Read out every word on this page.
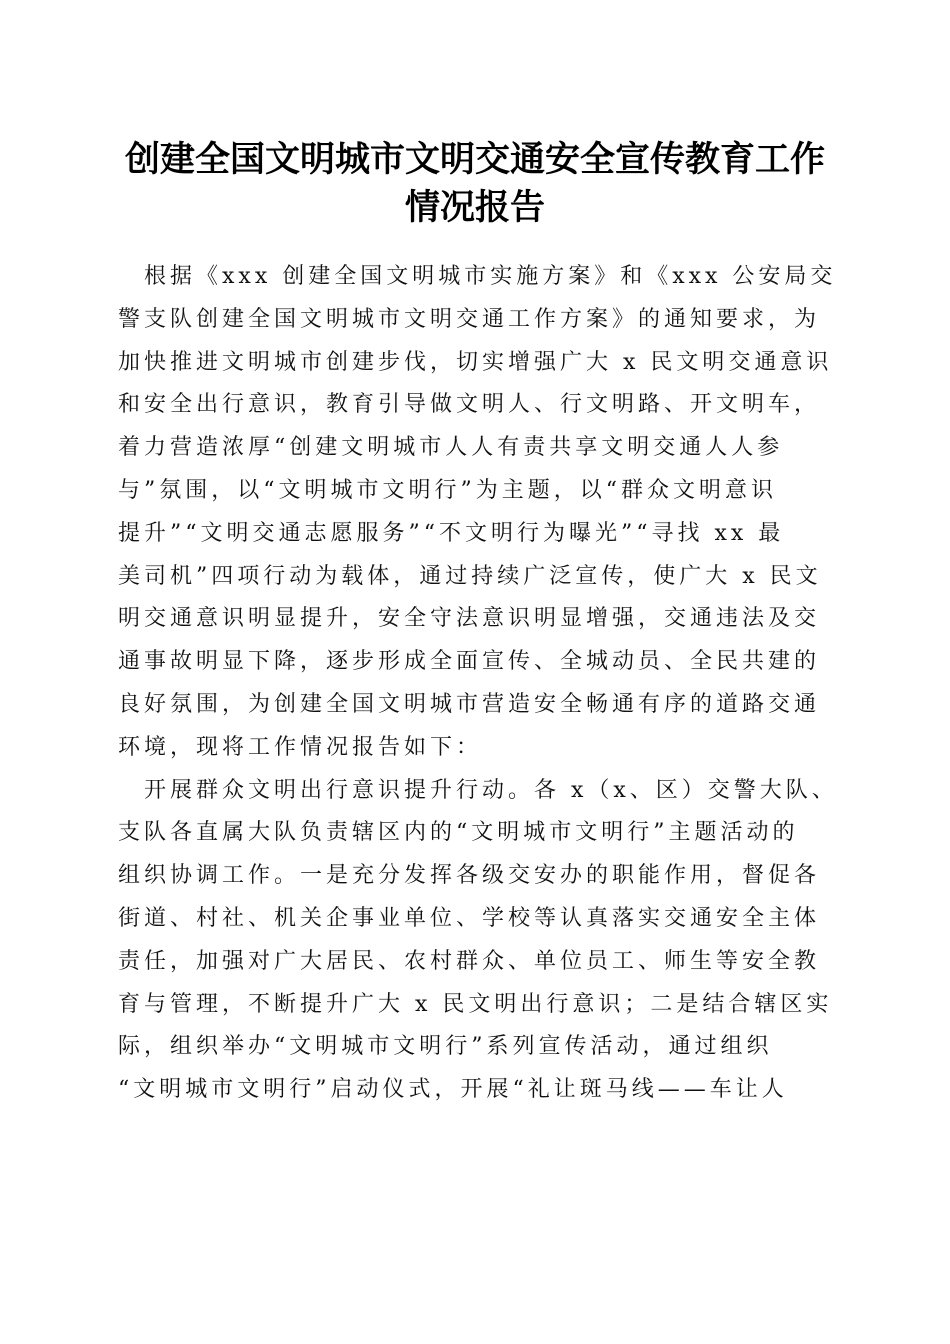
创建全国文明城市文明交通安全宣传教育工作
情况报告

　根据《xxx 创建全国文明城市实施方案》和《xxx 公安局交
警支队创建全国文明城市文明交通工作方案》的通知要求，为
加快推进文明城市创建步伐，切实增强广大 x 民文明交通意识
和安全出行意识，教育引导做文明人、行文明路、开文明车，
着力营造浓厚“创建文明城市人人有责共享文明交通人人参
与”氛围，以“文明城市文明行”为主题，以“群众文明意识
提升”“文明交通志愿服务”“不文明行为曝光”“寻找 xx 最
美司机”四项行动为载体，通过持续广泛宣传，使广大 x 民文
明交通意识明显提升，安全守法意识明显增强，交通违法及交
通事故明显下降，逐步形成全面宣传、全城动员、全民共建的
良好氛围，为创建全国文明城市营造安全畅通有序的道路交通
环境，现将工作情况报告如下：

　开展群众文明出行意识提升行动。各 x（x、区）交警大队、
支队各直属大队负责辖区内的“文明城市文明行”主题活动的
组织协调工作。一是充分发挥各级交安办的职能作用，督促各
街道、村社、机关企事业单位、学校等认真落实交通安全主体
责任，加强对广大居民、农村群众、单位员工、师生等安全教
育与管理，不断提升广大 x 民文明出行意识；二是结合辖区实
际，组织举办“文明城市文明行”系列宣传活动，通过组织
“文明城市文明行”启动仪式，开展“礼让斑马线——车让人
